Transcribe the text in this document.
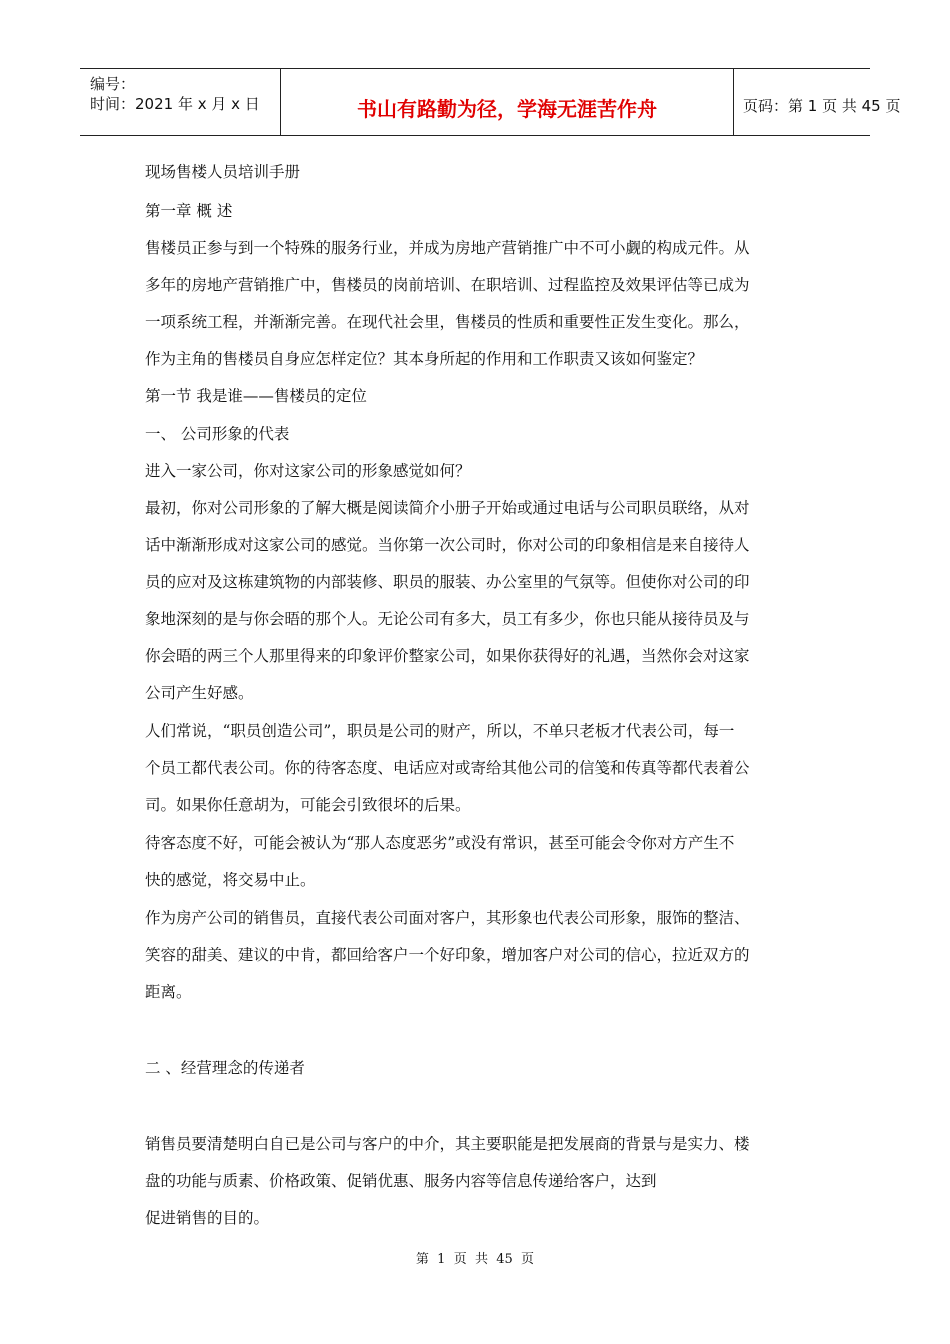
编号：
时间：2021 年 x 月 x 日	书山有路勤为径，学海无涯苦作舟	页码：第 1 页 共 45 页
现场售楼人员培训手册
第一章 概 述
售楼员正参与到一个特殊的服务行业，并成为房地产营销推广中不可小觑的构成元件。从
多年的房地产营销推广中，售楼员的岗前培训、在职培训、过程监控及效果评估等已成为
一项系统工程，并渐渐完善。在现代社会里，售楼员的性质和重要性正发生变化。那么，
作为主角的售楼员自身应怎样定位？其本身所起的作用和工作职责又该如何鉴定？
第一节 我是谁——售楼员的定位
一、 公司形象的代表
进入一家公司，你对这家公司的形象感觉如何？
最初，你对公司形象的了解大概是阅读简介小册子开始或通过电话与公司职员联络，从对
话中渐渐形成对这家公司的感觉。当你第一次公司时，你对公司的印象相信是来自接待人
员的应对及这栋建筑物的内部装修、职员的服装、办公室里的气氛等。但使你对公司的印
象地深刻的是与你会晤的那个人。无论公司有多大，员工有多少，你也只能从接待员及与
你会晤的两三个人那里得来的印象评价整家公司，如果你获得好的礼遇，当然你会对这家
公司产生好感。
人们常说，“职员创造公司”，职员是公司的财产，所以，不单只老板才代表公司，每一
个员工都代表公司。你的待客态度、电话应对或寄给其他公司的信笺和传真等都代表着公
司。如果你任意胡为，可能会引致很坏的后果。
待客态度不好，可能会被认为“那人态度恶劣”或没有常识，甚至可能会令你对方产生不
快的感觉，将交易中止。
作为房产公司的销售员，直接代表公司面对客户，其形象也代表公司形象，服饰的整洁、
笑容的甜美、建议的中肯，都回给客户一个好印象，增加客户对公司的信心，拉近双方的
距离。
二 、经营理念的传递者
销售员要清楚明白自已是公司与客户的中介，其主要职能是把发展商的背景与是实力、楼
盘的功能与质素、价格政策、促销优惠、服务内容等信息传递给客户，达到
促进销售的目的。
第  1  页  共  45  页
